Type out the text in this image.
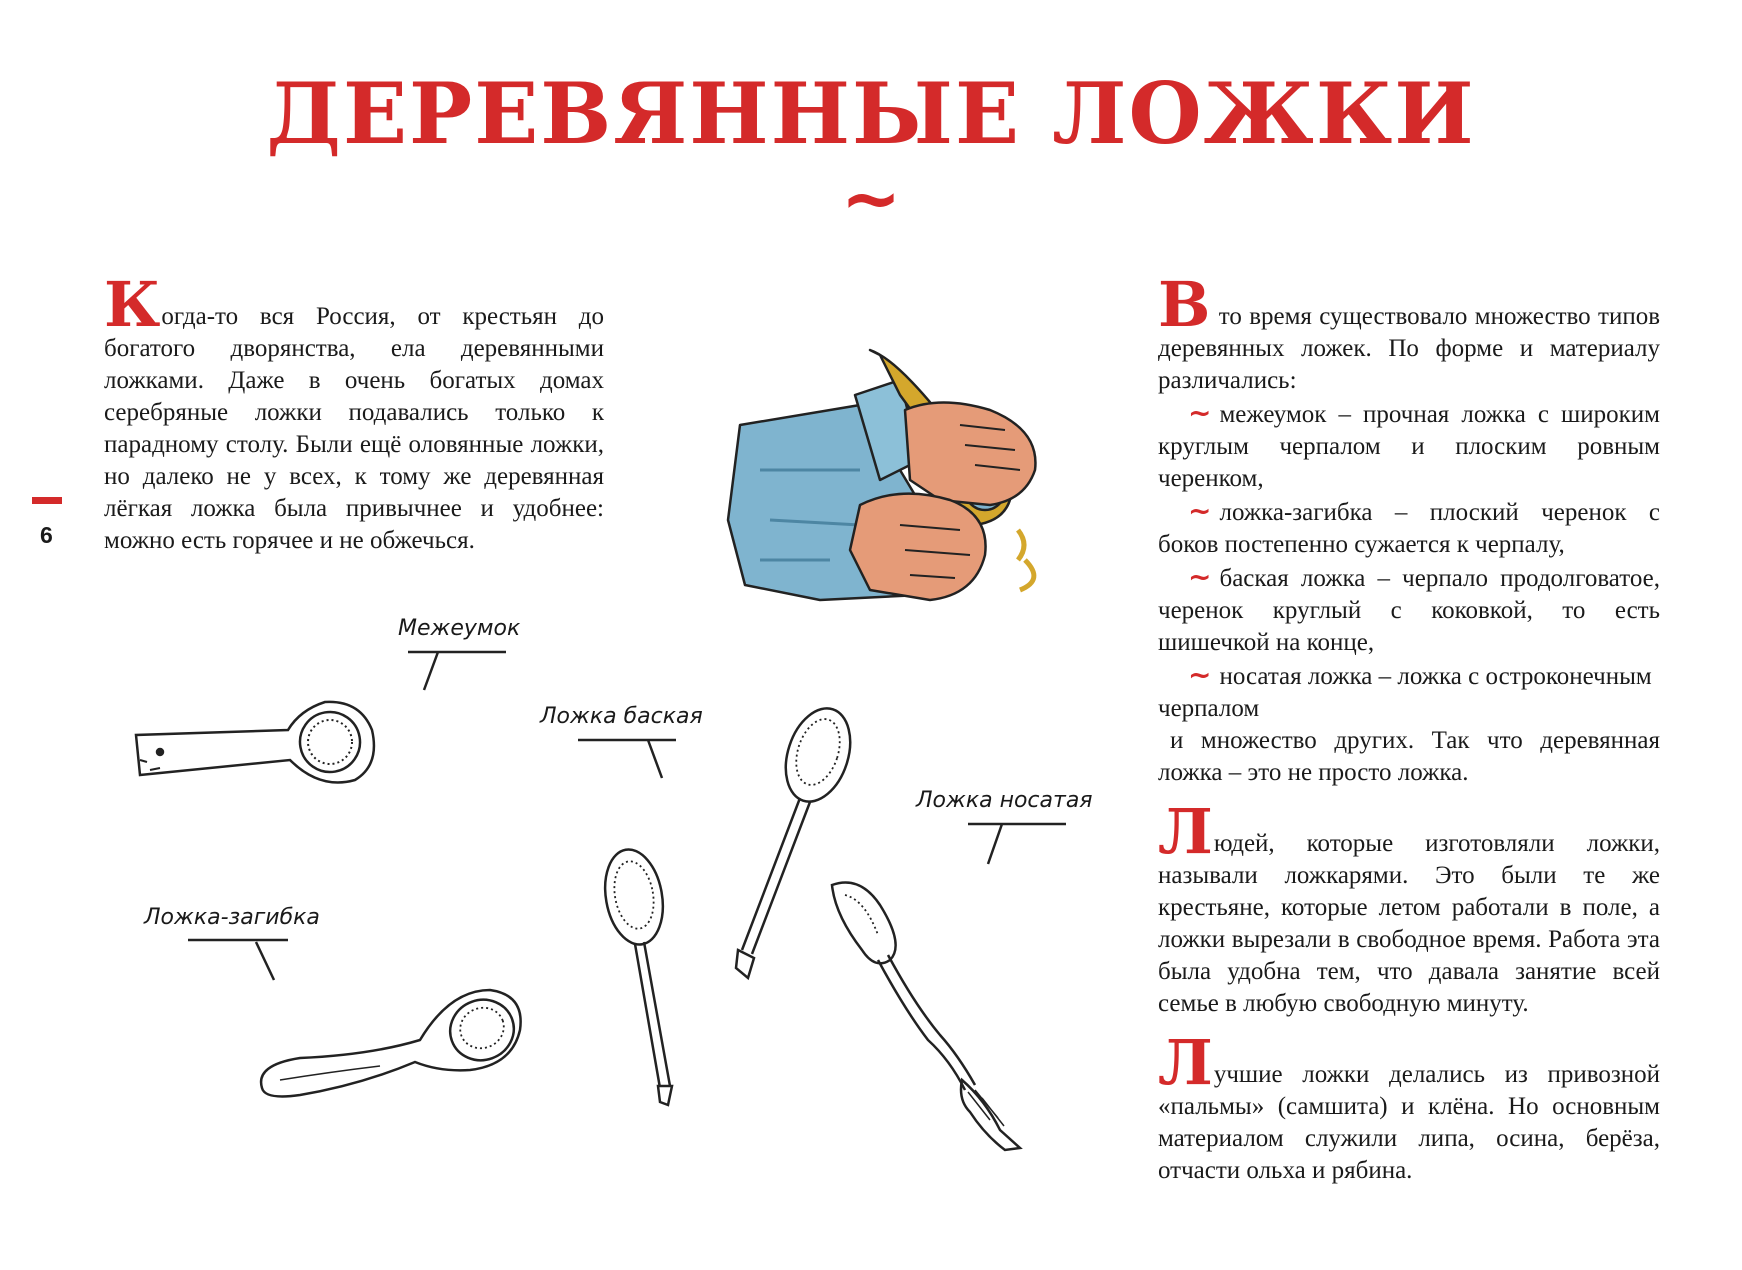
ДЕРЕВЯННЫЕ ЛОЖКИ
~
6

Когда-то вся Россия, от крестьян до богатого дворянства, ела деревянными ложками. Даже в очень богатых домах серебряные ложки подавались только к парадному столу. Были ещё оловянные ложки, но далеко не у всех, к тому же деревянная лёгкая ложка была привычнее и удобнее: можно есть горячее и не обжечься.

В то время существовало множество типов деревянных ложек. По форме и материалу различались:

~ межеумок – прочная ложка с широким круглым черпалом и плоским ровным черенком,

~ ложка-загибка – плоский черенок с боков постепенно сужается к черпалу,

~ баская ложка – черпало продолговатое, черенок круглый с коковкой, то есть шишечкой на конце,

~ носатая ложка – ложка с остроконечным черпалом

и множество других. Так что деревянная ложка – это не просто ложка.

Людей, которые изготовляли ложки, называли ложкарями. Это были те же крестьяне, которые летом работали в поле, а ложки вырезали в свободное время. Работа эта была удобна тем, что давала занятие всей семье в любую свободную минуту.

Лучшие ложки делались из привозной «пальмы» (самшита) и клёна. Но основным материалом служили липа, осина, берёза, отчасти ольха и рябина.

Межеумок
Ложка баская
Ложка носатая
Ложка-загибка
